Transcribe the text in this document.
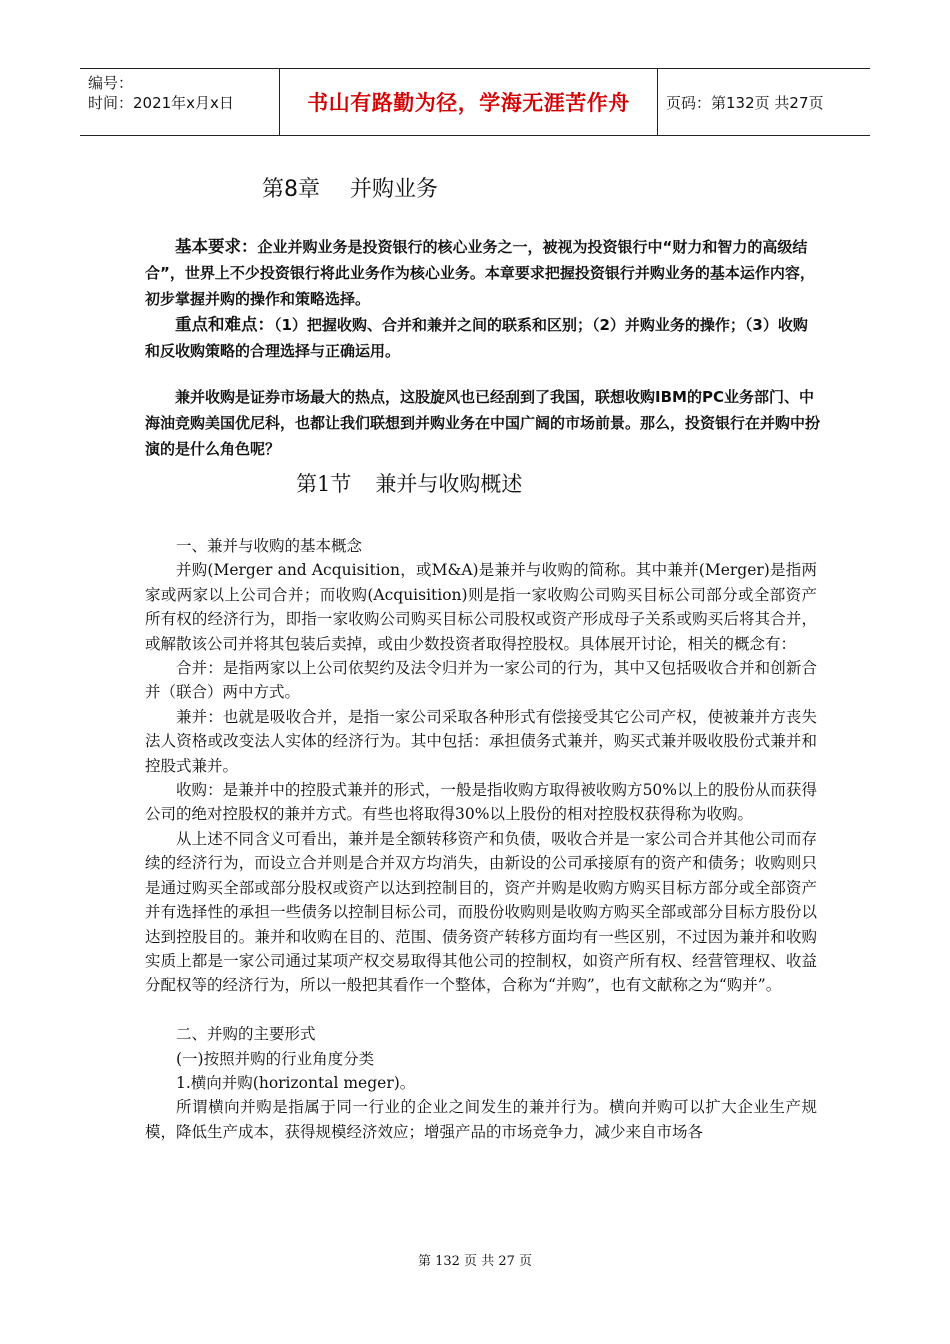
编号：
时间：2021年x月x日	书山有路勤为径，学海无涯苦作舟 页码：第132页 共27页
第8章 并购业务

基本要求：企业并购业务是投资银行的核心业务之一，被视为投资银行中“财力和智力的高级结合”，世界上不少投资银行将此业务作为核心业务。本章要求把握投资银行并购业务的基本运作内容，初步掌握并购的操作和策略选择。

重点和难点：（1）把握收购、合并和兼并之间的联系和区别；（2）并购业务的操作；（3）收购和反收购策略的合理选择与正确运用。

兼并收购是证券市场最大的热点，这股旋风也已经刮到了我国，联想收购IBM的PC业务部门、中海油竞购美国优尼科，也都让我们联想到并购业务在中国广阔的市场前景。那么，投资银行在并购中扮演的是什么角色呢？

第1节 兼并与收购概述

一、兼并与收购的基本概念

并购(Merger and Acquisition，或M&A)是兼并与收购的简称。其中兼并(Merger)是指两家或两家以上公司合并；而收购(Acquisition)则是指一家收购公司购买目标公司部分或全部资产所有权的经济行为，即指一家收购公司购买目标公司股权或资产形成母子关系或购买后将其合并，或解散该公司并将其包装后卖掉，或由少数投资者取得控股权。具体展开讨论，相关的概念有：

合并：是指两家以上公司依契约及法令归并为一家公司的行为，其中又包括吸收合并和创新合并（联合）两中方式。

兼并：也就是吸收合并，是指一家公司采取各种形式有偿接受其它公司产权，使被兼并方丧失法人资格或改变法人实体的经济行为。其中包括：承担债务式兼并，购买式兼并吸收股份式兼并和控股式兼并。

收购：是兼并中的控股式兼并的形式，一般是指收购方取得被收购方50%以上的股份从而获得公司的绝对控股权的兼并方式。有些也将取得30%以上股份的相对控股权获得称为收购。

从上述不同含义可看出，兼并是全额转移资产和负债，吸收合并是一家公司合并其他公司而存续的经济行为，而设立合并则是合并双方均消失，由新设的公司承接原有的资产和债务；收购则只是通过购买全部或部分股权或资产以达到控制目的，资产并购是收购方购买目标方部分或全部资产并有选择性的承担一些债务以控制目标公司，而股份收购则是收购方购买全部或部分目标方股份以达到控股目的。兼并和收购在目的、范围、债务资产转移方面均有一些区别，不过因为兼并和收购实质上都是一家公司通过某项产权交易取得其他公司的控制权，如资产所有权、经营管理权、收益分配权等的经济行为，所以一般把其看作一个整体，合称为“并购”，也有文献称之为“购并”。

二、并购的主要形式

(一)按照并购的行业角度分类

1.横向并购(horizontal meger)。

所谓横向并购是指属于同一行业的企业之间发生的兼并行为。横向并购可以扩大企业生产规模，降低生产成本，获得规模经济效应；增强产品的市场竞争力，减少来自市场各

第 132 页 共 27 页
